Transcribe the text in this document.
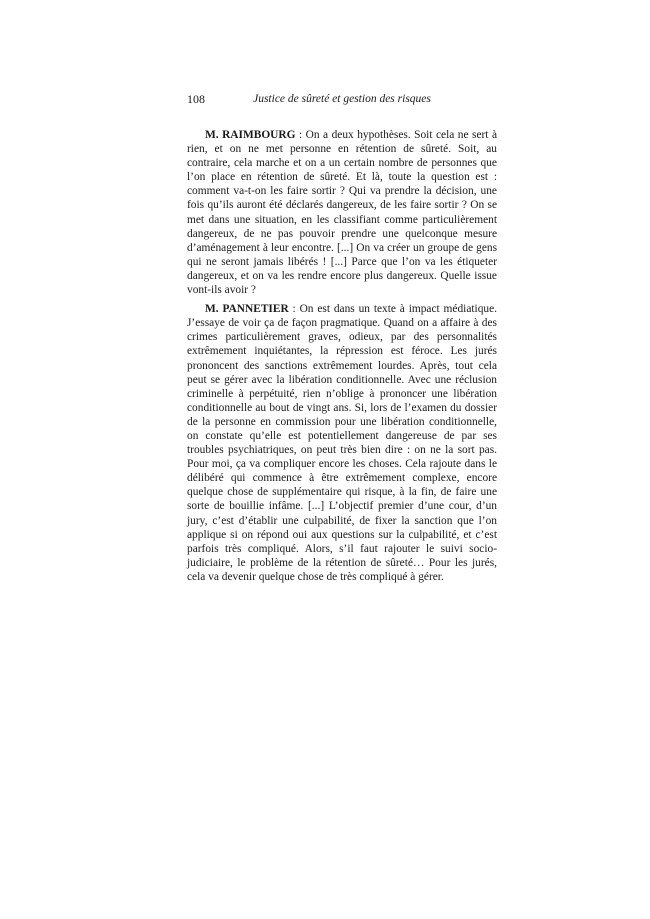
108	Justice de sûreté et gestion des risques

M. RAIMBOURG : On a deux hypothèses. Soit cela ne sert à rien, et on ne met personne en rétention de sûreté. Soit, au contraire, cela marche et on a un certain nombre de personnes que l’on place en rétention de sûreté. Et là, toute la question est : comment va-t-on les faire sortir ? Qui va prendre la décision, une fois qu’ils auront été déclarés dangereux, de les faire sortir ? On se met dans une situation, en les classifiant comme particulièrement dangereux, de ne pas pouvoir prendre une quelconque mesure d’aménagement à leur encontre. [...] On va créer un groupe de gens qui ne seront jamais libérés ! [...] Parce que l’on va les étiqueter dangereux, et on va les rendre encore plus dangereux. Quelle issue vont-ils avoir ?

M. PANNETIER : On est dans un texte à impact médiatique. J’essaye de voir ça de façon pragmatique. Quand on a affaire à des crimes particulièrement graves, odieux, par des personnalités extrêmement inquiétantes, la répression est féroce. Les jurés prononcent des sanctions extrêmement lourdes. Après, tout cela peut se gérer avec la libération conditionnelle. Avec une réclusion criminelle à perpétuité, rien n’oblige à prononcer une libération conditionnelle au bout de vingt ans. Si, lors de l’examen du dossier de la personne en commission pour une libération conditionnelle, on constate qu’elle est potentiellement dangereuse de par ses troubles psychiatriques, on peut très bien dire : on ne la sort pas. Pour moi, ça va compliquer encore les choses. Cela rajoute dans le délibéré qui commence à être extrêmement complexe, encore quelque chose de supplémentaire qui risque, à la fin, de faire une sorte de bouillie infâme. [...] L’objectif premier d’une cour, d’un jury, c’est d’établir une culpabilité, de fixer la sanction que l’on applique si on répond oui aux questions sur la culpabilité, et c’est parfois très compliqué. Alors, s’il faut rajouter le suivi socio-judiciaire, le problème de la rétention de sûreté… Pour les jurés, cela va devenir quelque chose de très compliqué à gérer.
